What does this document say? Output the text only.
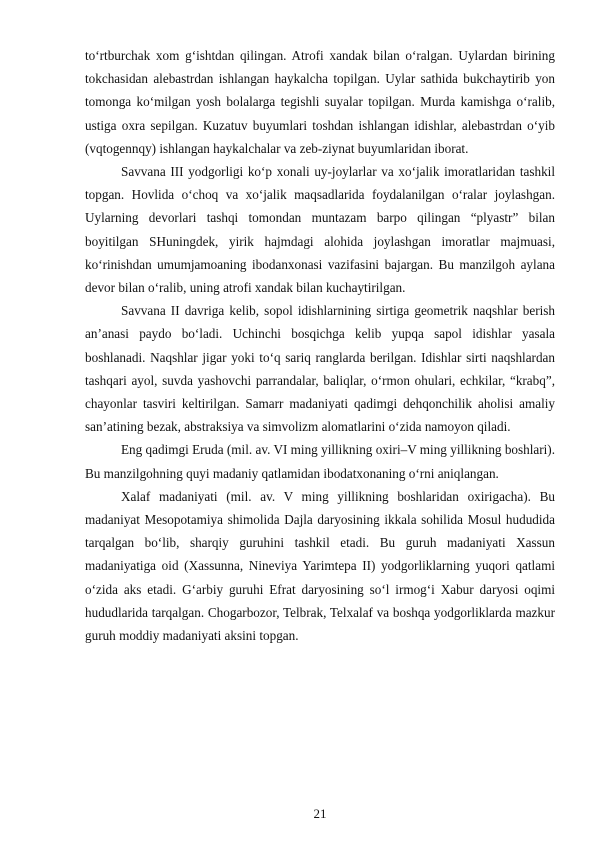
to‘rtburchak xom g‘ishtdan qilingan. Atrofi xandak bilan o‘ralgan. Uylardan birining tokchasidan alebastrdan ishlangan haykalcha topilgan. Uylar sathida bukchaytirib yon tomonga ko‘milgan yosh bolalarga tegishli suyalar topilgan. Murda kamishga o‘ralib, ustiga oxra sepilgan. Kuzatuv buyumlari toshdan ishlangan idishlar, alebastrdan o‘yib (vqtogennqy) ishlangan haykalchalar va zeb-ziynat buyumlaridan iborat.

Savvana III yodgorligi ko‘p xonali uy-joylarlar va xo‘jalik imoratlaridan tashkil topgan. Hovlida o‘choq va xo‘jalik maqsadlarida foydalanilgan o‘ralar joylashgan. Uylarning devorlari tashqi tomondan muntazam barpo qilingan “plyastr” bilan boyitilgan SHuningdek, yirik hajmdagi alohida joylashgan imoratlar majmuasi, ko‘rinishdan umumjamoaning ibodanxonasi vazifasini bajargan. Bu manzilgoh aylana devor bilan o‘ralib, uning atrofi xandak bilan kuchaytirilgan.

Savvana II davriga kelib, sopol idishlarnining sirtiga geometrik naqshlar berish an’anasi paydo bo‘ladi. Uchinchi bosqichga kelib yupqa sapol idishlar yasala boshlanadi. Naqshlar jigar yoki to‘q sariq ranglarda berilgan. Idishlar sirti naqshlardan tashqari ayol, suvda yashovchi parrandalar, baliqlar, o‘rmon ohulari, echkilar, “krabq”, chayonlar tasviri keltirilgan. Samarr madaniyati qadimgi dehqonchilik aholisi amaliy san’atining bezak, abstraksiya va simvolizm alomatlarini o‘zida namoyon qiladi.

Eng qadimgi Eruda (mil. av. VI ming yillikning oxiri–V ming yillikning boshlari). Bu manzilgohning quyi madaniy qatlamidan ibodatxonaning o‘rni aniqlangan.

Xalaf madaniyati (mil. av. V ming yillikning boshlaridan oxirigacha). Bu madaniyat Mesopotamiya shimolida Dajla daryosining ikkala sohilida Mosul hududida tarqalgan bo‘lib, sharqiy guruhini tashkil etadi. Bu guruh madaniyati Xassun madaniyatiga oid (Xassunna, Nineviya Yarimtepa II) yodgorliklarning yuqori qatlami o‘zida aks etadi. G‘arbiy guruhi Efrat daryosining so‘l irmog‘i Xabur daryosi oqimi hududlarida tarqalgan. Chogarbozor, Telbrak, Telxalaf va boshqa yodgorliklarda mazkur guruh moddiy madaniyati aksini topgan.

21
